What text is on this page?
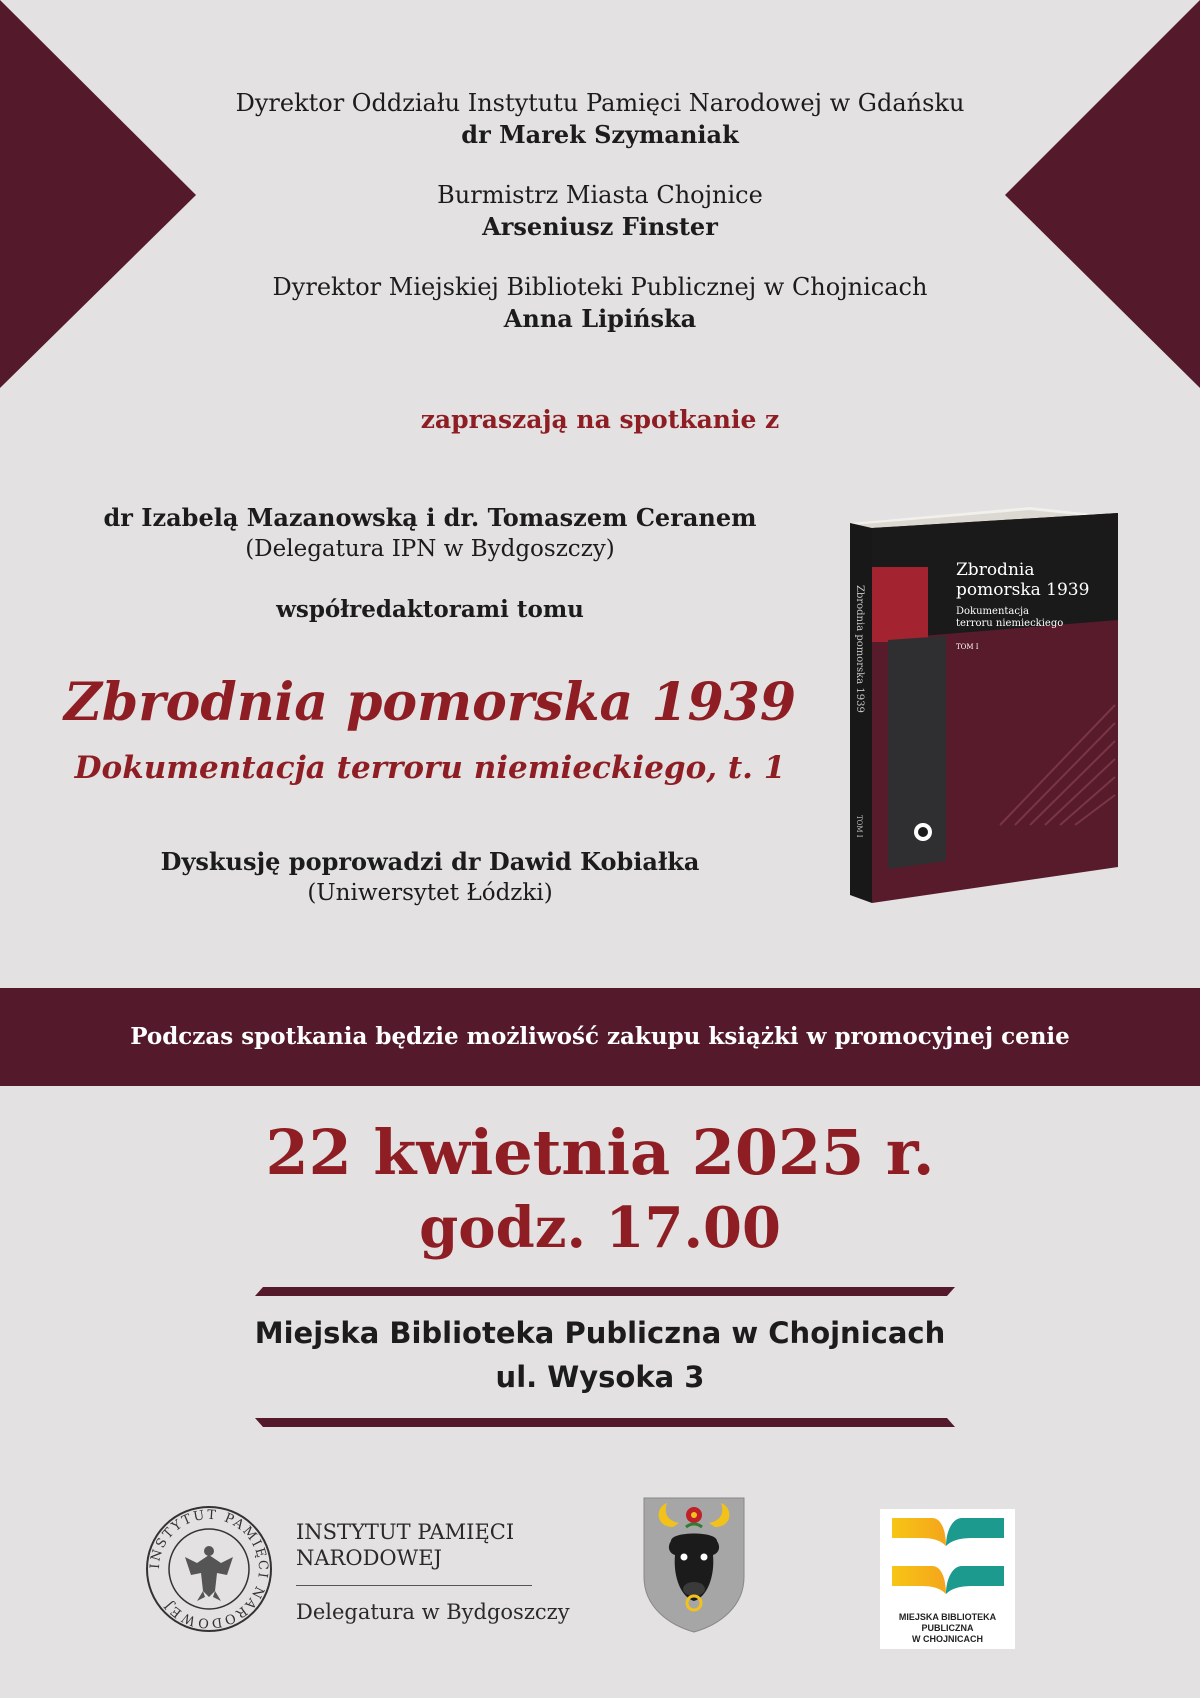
Dyrektor Oddziału Instytutu Pamięci Narodowej w Gdańsku
dr Marek Szymaniak
Burmistrz Miasta Chojnice
Arseniusz Finster
Dyrektor Miejskiej Biblioteki Publicznej w Chojnicach
Anna Lipińska
zapraszają na spotkanie z
dr Izabelą Mazanowską i dr. Tomaszem Ceranem
(Delegatura IPN w Bydgoszczy)
współredaktorami tomu
Zbrodnia pomorska 1939
Dokumentacja terroru niemieckiego, t. 1
Dyskusję poprowadzi dr Dawid Kobiałka
(Uniwersytet Łódzki)
Zbrodnia
pomorska 1939
Dokumentacja
terroru niemieckiego
TOM I
Zbrodnia pomorska 1939
TOM I
Podczas spotkania będzie możliwość zakupu książki w promocyjnej cenie
22 kwietnia 2025 r.
godz. 17.00
Miejska Biblioteka Publiczna w Chojnicach
ul. Wysoka 3
INSTYTUT PAMIĘCI NARODOWEJ
INSTYTUT PAMIĘCI
NARODOWEJ
Delegatura w Bydgoszczy	MIEJSKA BIBLIOTEKA PUBLICZNA
W CHOJNICACH
